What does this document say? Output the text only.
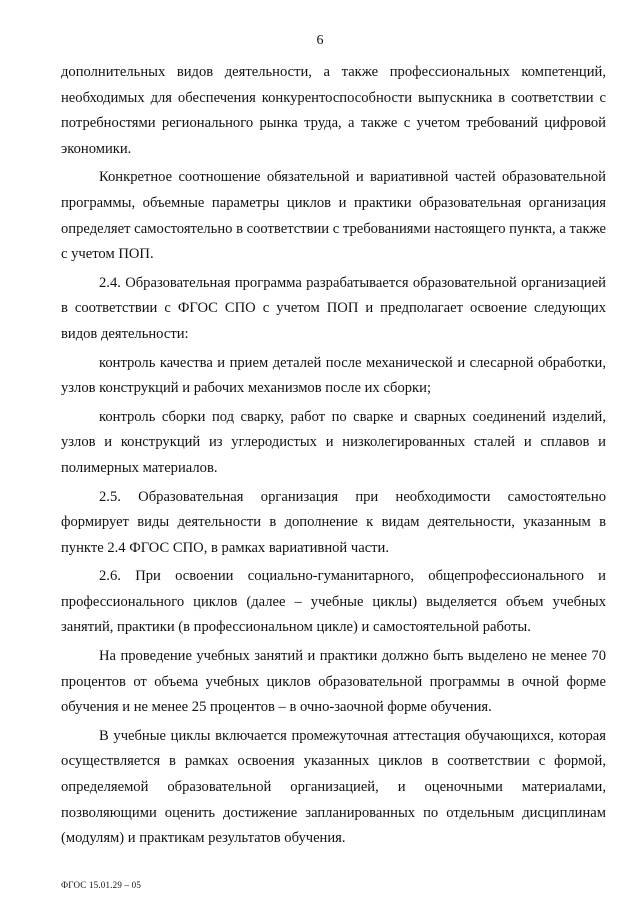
6

дополнительных видов деятельности, а также профессиональных компетенций, необходимых для обеспечения конкурентоспособности выпускника в соответствии с потребностями регионального рынка труда, а также с учетом требований цифровой экономики.

Конкретное соотношение обязательной и вариативной частей образовательной программы, объемные параметры циклов и практики образовательная организация определяет самостоятельно в соответствии с требованиями настоящего пункта, а также с учетом ПОП.

2.4. Образовательная программа разрабатывается образовательной организацией в соответствии с ФГОС СПО с учетом ПОП и предполагает освоение следующих видов деятельности:

контроль качества и прием деталей после механической и слесарной обработки, узлов конструкций и рабочих механизмов после их сборки;

контроль сборки под сварку, работ по сварке и сварных соединений изделий, узлов и конструкций из углеродистых и низколегированных сталей и сплавов и полимерных материалов.

2.5. Образовательная организация при необходимости самостоятельно формирует виды деятельности в дополнение к видам деятельности, указанным в пункте 2.4 ФГОС СПО, в рамках вариативной части.

2.6. При освоении социально-гуманитарного, общепрофессионального и профессионального циклов (далее – учебные циклы) выделяется объем учебных занятий, практики (в профессиональном цикле) и самостоятельной работы.

На проведение учебных занятий и практики должно быть выделено не менее 70 процентов от объема учебных циклов образовательной программы в очной форме обучения и не менее 25 процентов – в очно-заочной форме обучения.

В учебные циклы включается промежуточная аттестация обучающихся, которая осуществляется в рамках освоения указанных циклов в соответствии с формой, определяемой образовательной организацией, и оценочными материалами, позволяющими оценить достижение запланированных по отдельным дисциплинам (модулям) и практикам результатов обучения.

ФГОС 15.01.29 – 05
